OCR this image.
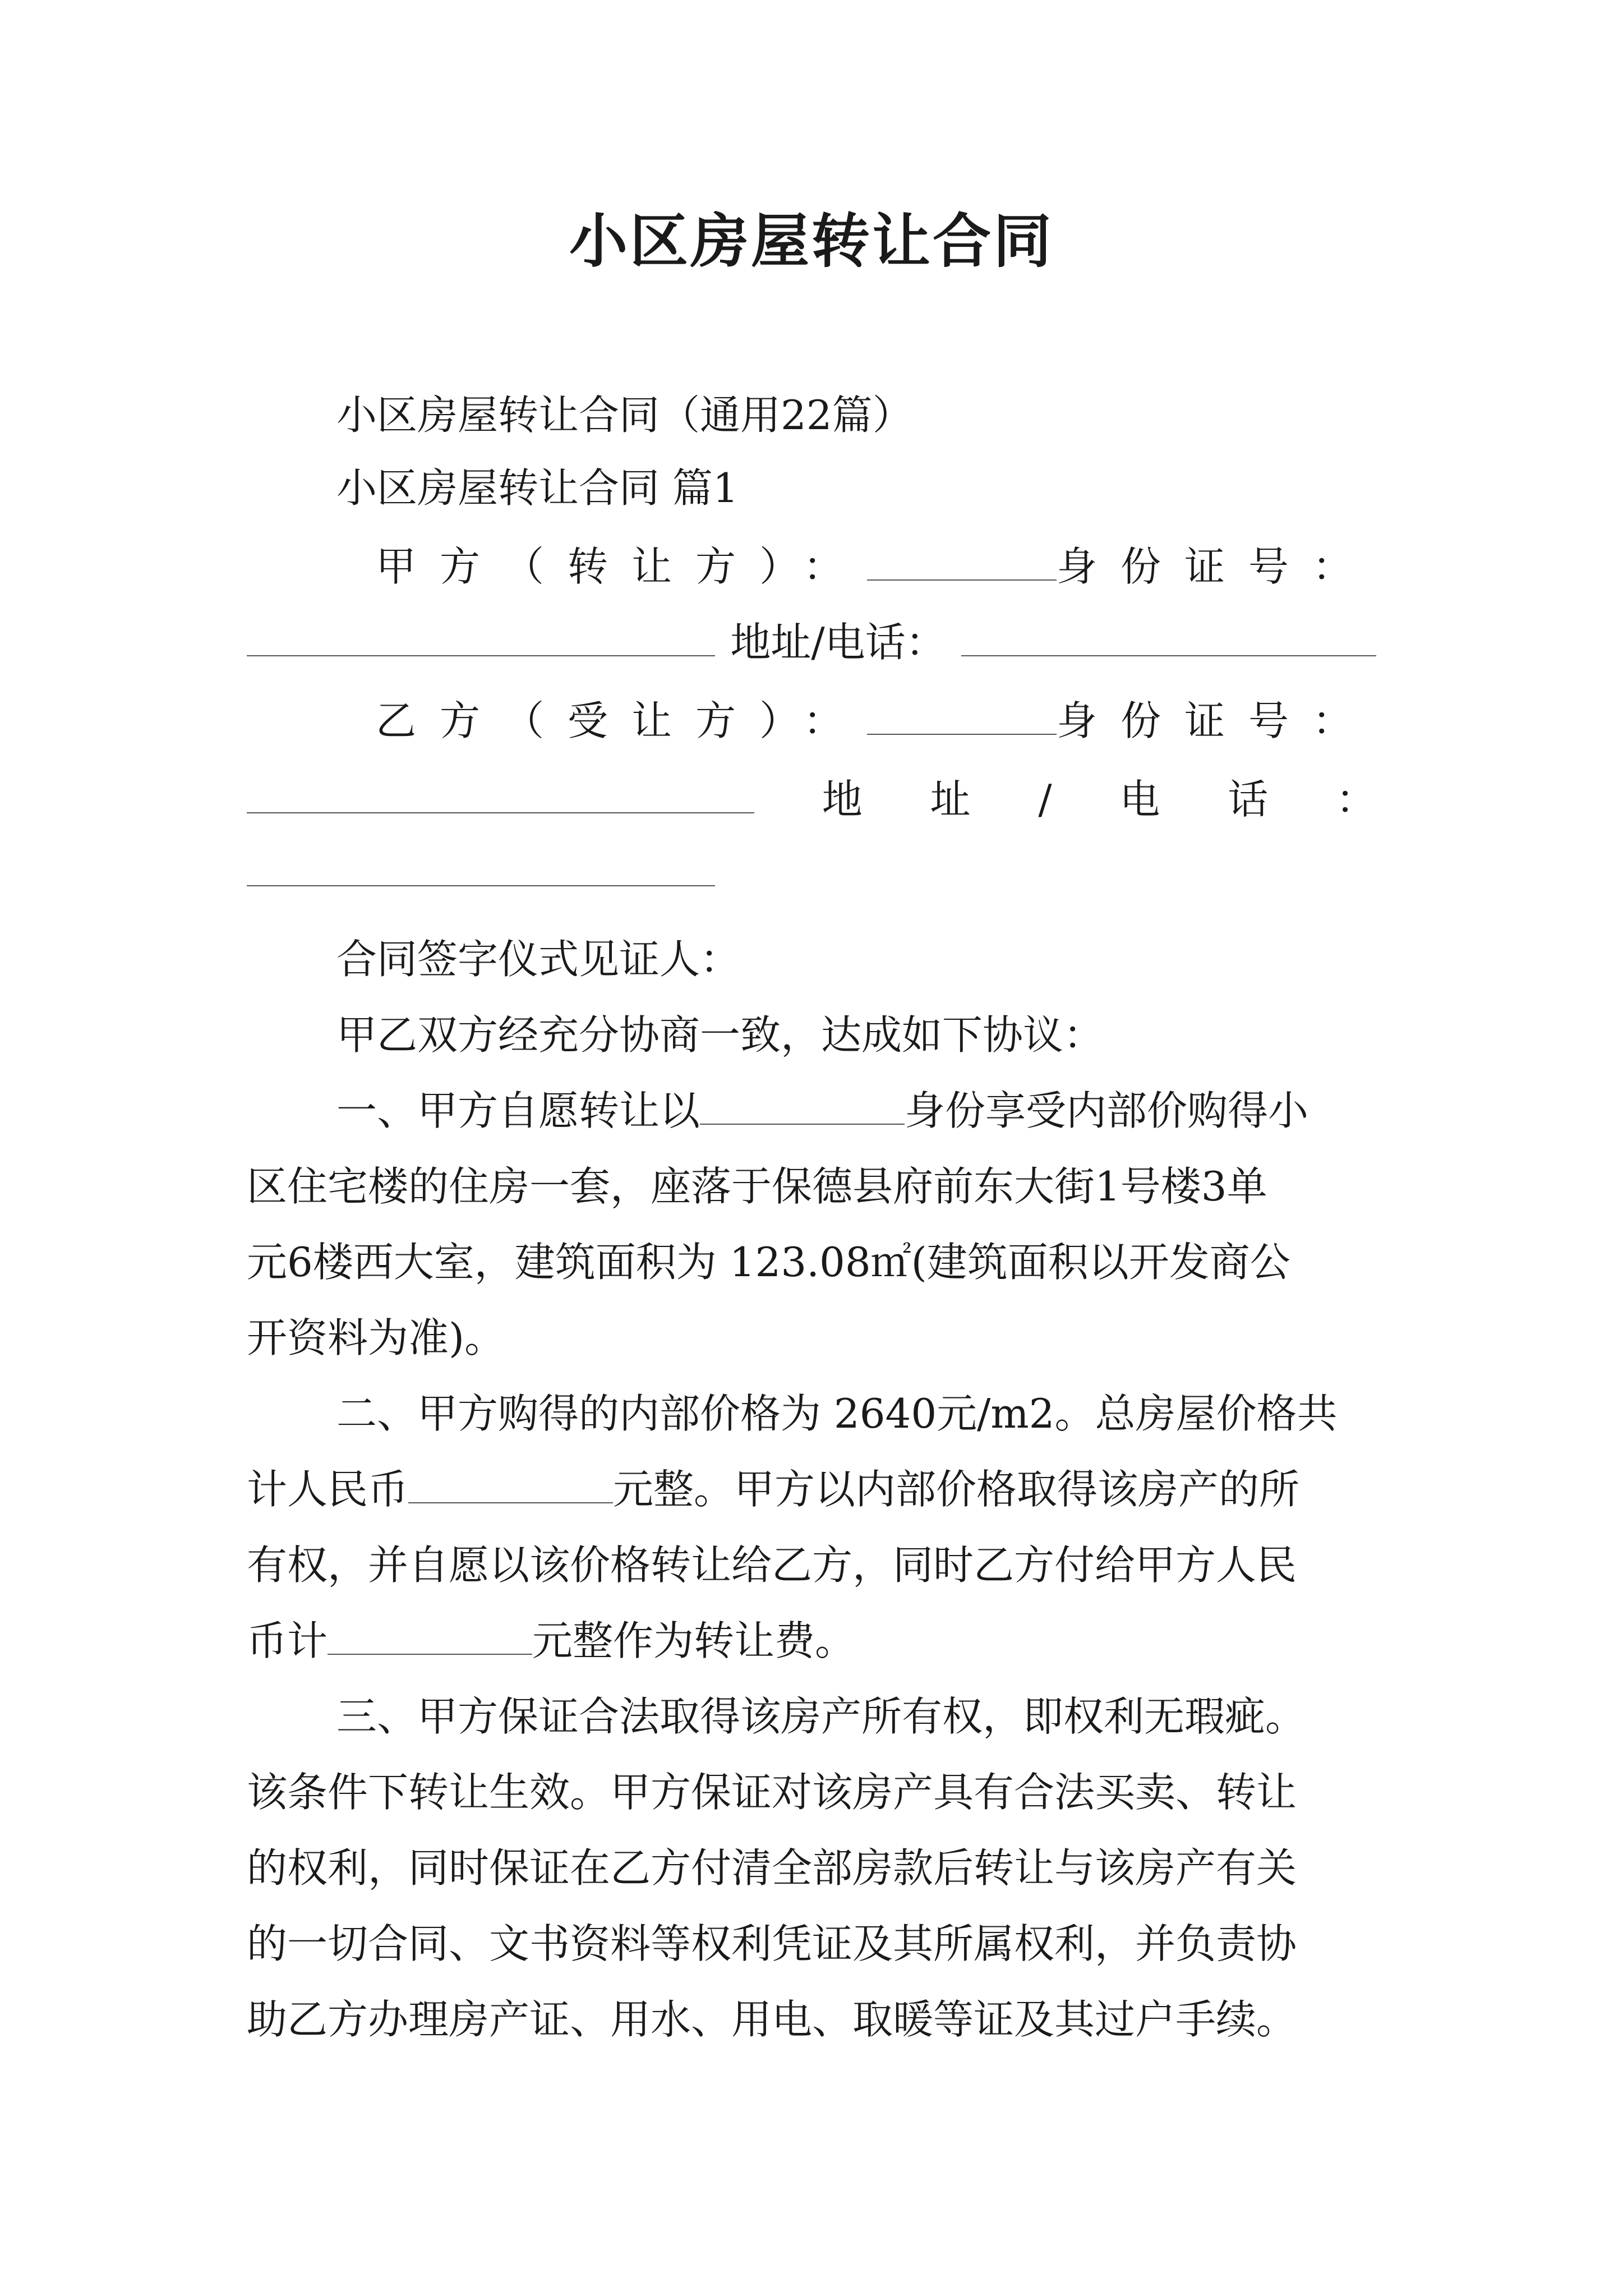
小区房屋转让合同

小区房屋转让合同（通用22篇）

小区房屋转让合同 篇1

甲方（转让方）：	身份证号：
地址/电话：
乙方（受让方）：	身份证号：
地 址 / 电 话 ：

合同签字仪式见证人：

甲乙双方经充分协商一致，达成如下协议：

一、甲方自愿转让以	身份享受内部价购得小

区住宅楼的住房一套，座落于保德县府前东大街1号楼3单

元6楼西大室，建筑面积为 123.08㎡(建筑面积以开发商公

开资料为准)。

二、甲方购得的内部价格为 2640元/m2。总房屋价格共

计人民币	元整。甲方以内部价格取得该房产的所

有权，并自愿以该价格转让给乙方，同时乙方付给甲方人民

币计	元整作为转让费。

三、甲方保证合法取得该房产所有权，即权利无瑕疵。

该条件下转让生效。甲方保证对该房产具有合法买卖、转让

的权利，同时保证在乙方付清全部房款后转让与该房产有关

的一切合同、文书资料等权利凭证及其所属权利，并负责协

助乙方办理房产证、用水、用电、取暖等证及其过户手续。
